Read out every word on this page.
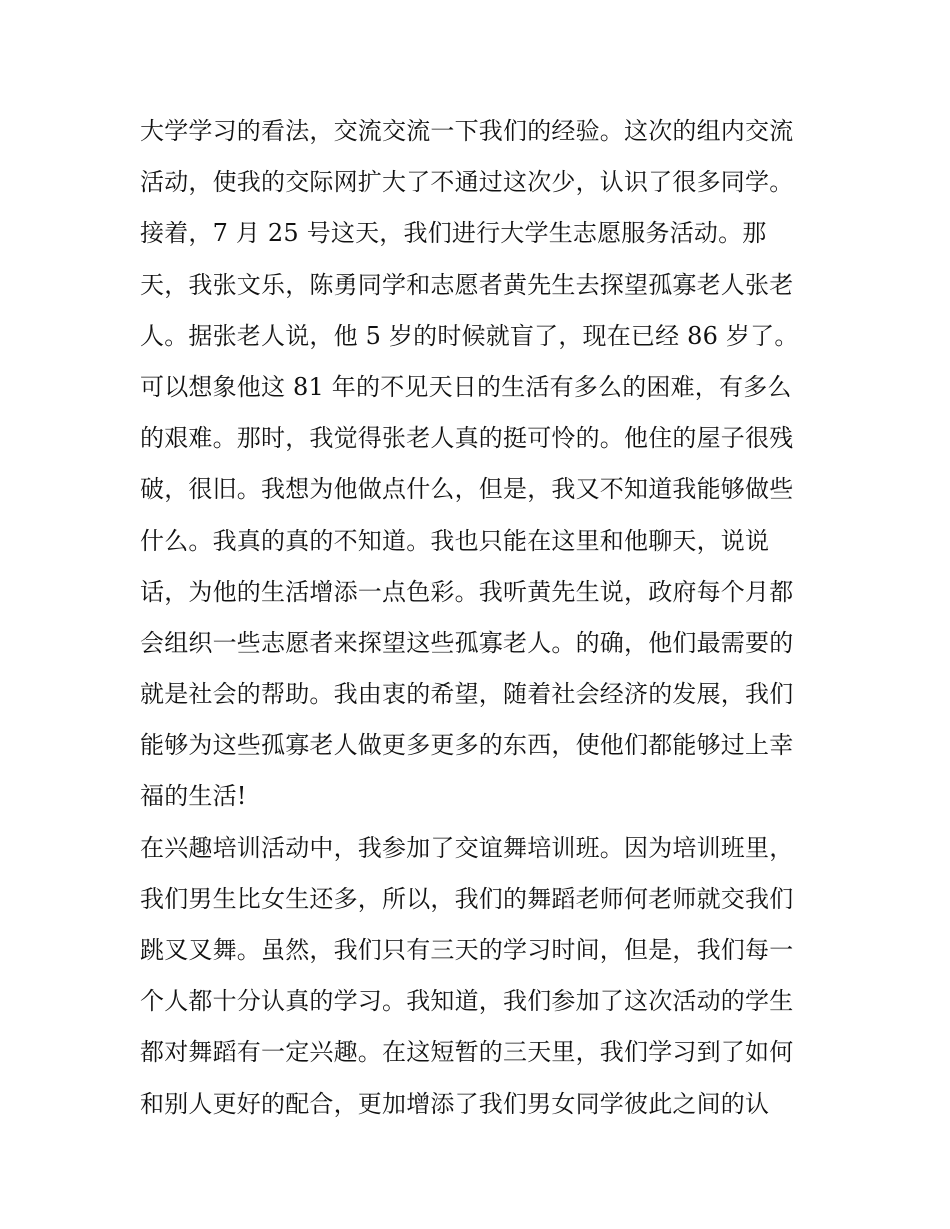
大学学习的看法，交流交流一下我们的经验。这次的组内交流
活动，使我的交际网扩大了不通过这次少，认识了很多同学。
接着，7 月 25 号这天，我们进行大学生志愿服务活动。那
天，我张文乐，陈勇同学和志愿者黄先生去探望孤寡老人张老
人。据张老人说，他 5 岁的时候就盲了，现在已经 86 岁了。
可以想象他这 81 年的不见天日的生活有多么的困难，有多么
的艰难。那时，我觉得张老人真的挺可怜的。他住的屋子很残
破，很旧。我想为他做点什么，但是，我又不知道我能够做些
什么。我真的真的不知道。我也只能在这里和他聊天，说说
话，为他的生活增添一点色彩。我听黄先生说，政府每个月都
会组织一些志愿者来探望这些孤寡老人。的确，他们最需要的
就是社会的帮助。我由衷的希望，随着社会经济的发展，我们
能够为这些孤寡老人做更多更多的东西，使他们都能够过上幸
福的生活!
在兴趣培训活动中，我参加了交谊舞培训班。因为培训班里，
我们男生比女生还多，所以，我们的舞蹈老师何老师就交我们
跳叉叉舞。虽然，我们只有三天的学习时间，但是，我们每一
个人都十分认真的学习。我知道，我们参加了这次活动的学生
都对舞蹈有一定兴趣。在这短暂的三天里，我们学习到了如何
和别人更好的配合，更加增添了我们男女同学彼此之间的认
